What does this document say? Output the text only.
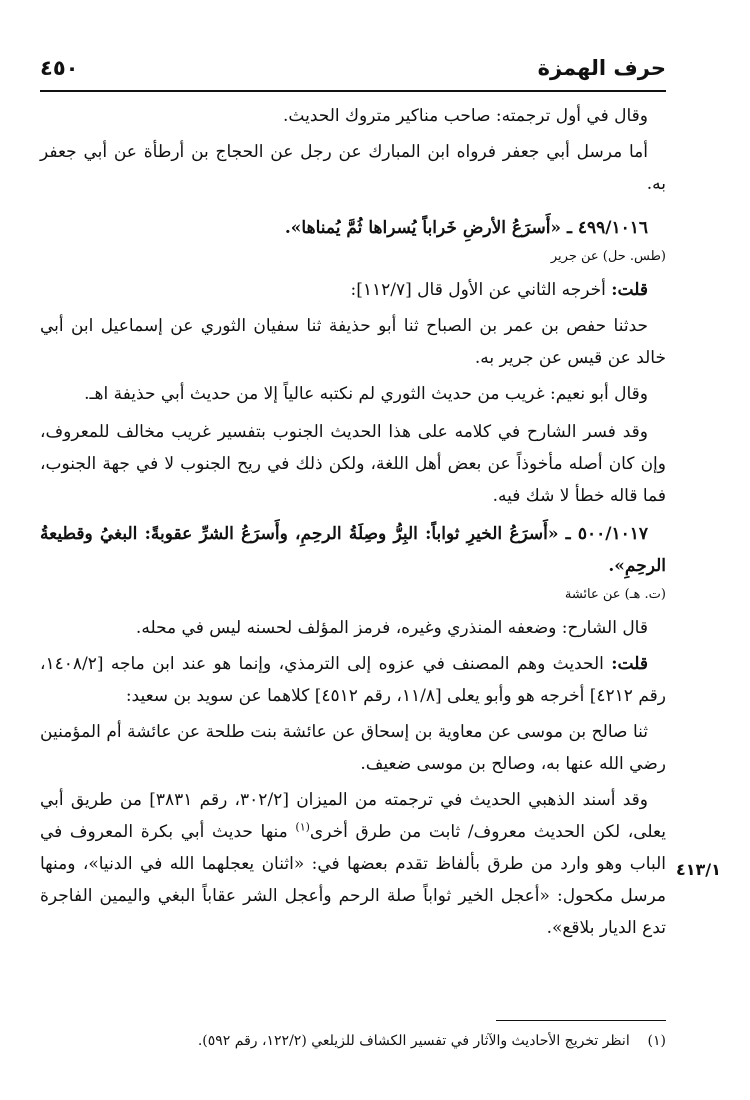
حرف الهمزة
٤٥٠

وقال في أول ترجمته: صاحب مناكير متروك الحديث.

أما مرسل أبي جعفر فرواه ابن المبارك عن رجل عن الحجاج بن أرطأة عن أبي جعفر به.

٤٩٩/١٠١٦ ـ «أَسرَعُ الأرضِ خَراباً يُسراها ثُمَّ يُمناها».

(طس. حل) عن جرير

قلت: أخرجه الثاني عن الأول قال [١١٢/٧]:

حدثنا حفص بن عمر بن الصباح ثنا أبو حذيفة ثنا سفيان الثوري عن إسماعيل ابن أبي خالد عن قيس عن جرير به.

وقال أبو نعيم: غريب من حديث الثوري لم نكتبه عالياً إلا من حديث أبي حذيفة اهـ.

وقد فسر الشارح في كلامه على هذا الحديث الجنوب بتفسير غريب مخالف للمعروف، وإن كان أصله مأخوذاً عن بعض أهل اللغة، ولكن ذلك في ريح الجنوب لا في جهة الجنوب، فما قاله خطأ لا شك فيه.

٥٠٠/١٠١٧ ـ «أَسرَعُ الخيرِ ثواباً: البِرُّ وصِلَةُ الرحِمِ، وأَسرَعُ الشرِّ عقوبةً: البغيُ وقطيعةُ الرحِمِ».

(ت. هـ) عن عائشة

قال الشارح: وضعفه المنذري وغيره، فرمز المؤلف لحسنه ليس في محله.

قلت: الحديث وهم المصنف في عزوه إلى الترمذي، وإنما هو عند ابن ماجه [١٤٠٨/٢، رقم ٤٢١٢] أخرجه هو وأبو يعلى [١١/٨، رقم ٤٥١٢] كلاهما عن سويد بن سعيد:

ثنا صالح بن موسى عن معاوية بن إسحاق عن عائشة بنت طلحة عن عائشة أم المؤمنين رضي الله عنها به، وصالح بن موسى ضعيف.

وقد أسند الذهبي الحديث في ترجمته من الميزان [٣٠٢/٢، رقم ٣٨٣١] من طريق أبي يعلى، لكن الحديث معروف/ ثابت من طرق أخرى$^{(١)}$ منها حديث أبي بكرة المعروف في الباب وهو وارد من طرق بألفاظ تقدم بعضها في: «اثنان يعجلهما الله في الدنيا»، ومنها مرسل مكحول: «أعجل الخير ثواباً صلة الرحم وأعجل الشر عقاباً البغي واليمين الفاجرة تدع الديار بلاقع».

٤١٣/١
(١)    انظر تخريج الأحاديث والآثار في تفسير الكشاف للزيلعي (١٢٢/٢، رقم ٥٩٢).
